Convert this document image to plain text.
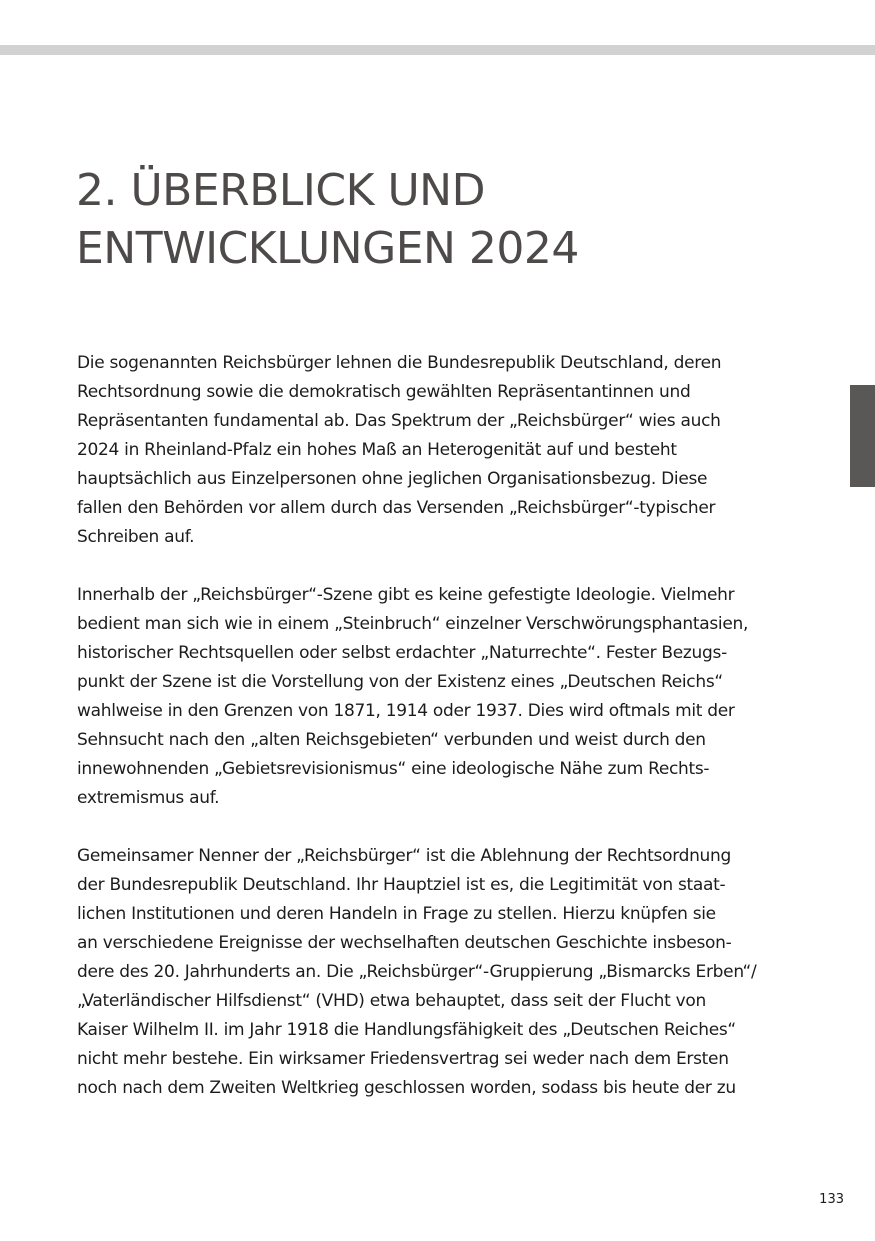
2. ÜBERBLICK UND
ENTWICKLUNGEN 2024

Die sogenannten Reichsbürger lehnen die Bundesrepublik Deutschland, deren
Rechtsordnung sowie die demokratisch gewählten Repräsentantinnen und
Repräsentanten fundamental ab. Das Spektrum der „Reichsbürger“ wies auch
2024 in Rheinland-Pfalz ein hohes Maß an Heterogenität auf und besteht
hauptsächlich aus Einzelpersonen ohne jeglichen Organisationsbezug. Diese
fallen den Behörden vor allem durch das Versenden „Reichsbürger“-typischer
Schreiben auf.

Innerhalb der „Reichsbürger“-Szene gibt es keine gefestigte Ideologie. Vielmehr
bedient man sich wie in einem „Steinbruch“ einzelner Verschwörungsphantasien,
historischer Rechtsquellen oder selbst erdachter „Naturrechte“. Fester Bezugs-
punkt der Szene ist die Vorstellung von der Existenz eines „Deutschen Reichs“
wahlweise in den Grenzen von 1871, 1914 oder 1937. Dies wird oftmals mit der
Sehnsucht nach den „alten Reichsgebieten“ verbunden und weist durch den
innewohnenden „Gebietsrevisionismus“ eine ideologische Nähe zum Rechts-
extremismus auf.

Gemeinsamer Nenner der „Reichsbürger“ ist die Ablehnung der Rechtsordnung
der Bundesrepublik Deutschland. Ihr Hauptziel ist es, die Legitimität von staat-
lichen Institutionen und deren Handeln in Frage zu stellen. Hierzu knüpfen sie
an verschiedene Ereignisse der wechselhaften deutschen Geschichte insbeson-
dere des 20. Jahrhunderts an. Die „Reichsbürger“-Gruppierung „Bismarcks Erben“/
„Vaterländischer Hilfsdienst“ (VHD) etwa behauptet, dass seit der Flucht von
Kaiser Wilhelm II. im Jahr 1918 die Handlungsfähigkeit des „Deutschen Reiches“
nicht mehr bestehe. Ein wirksamer Friedensvertrag sei weder nach dem Ersten
noch nach dem Zweiten Weltkrieg geschlossen worden, sodass bis heute der zu

133
